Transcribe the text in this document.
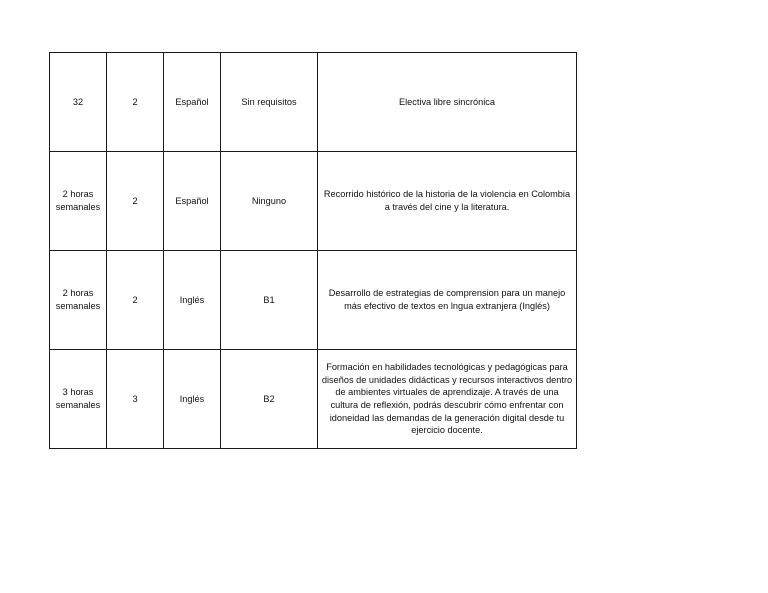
32	2	Español	Sin requisitos	Electiva libre sincrónica
2 horas semanales	2	Español	Ninguno	Recorrido histórico de la historia de la violencia en Colombia a través del cine y la literatura.
2 horas semanales	2	Inglés	B1	Desarrollo de estrategias de comprension para un manejo más efectivo de textos en lngua extranjera (Inglés)
3 horas semanales	3	Inglés	B2	Formación en habilidades tecnológicas y pedagógicas para diseños de unidades didácticas y recursos interactivos dentro de ambientes virtuales de aprendizaje. A través de una cultura de reflexión, podrás descubrir cómo enfrentar con idoneidad las demandas de la generación digital desde tu ejercicio docente.
